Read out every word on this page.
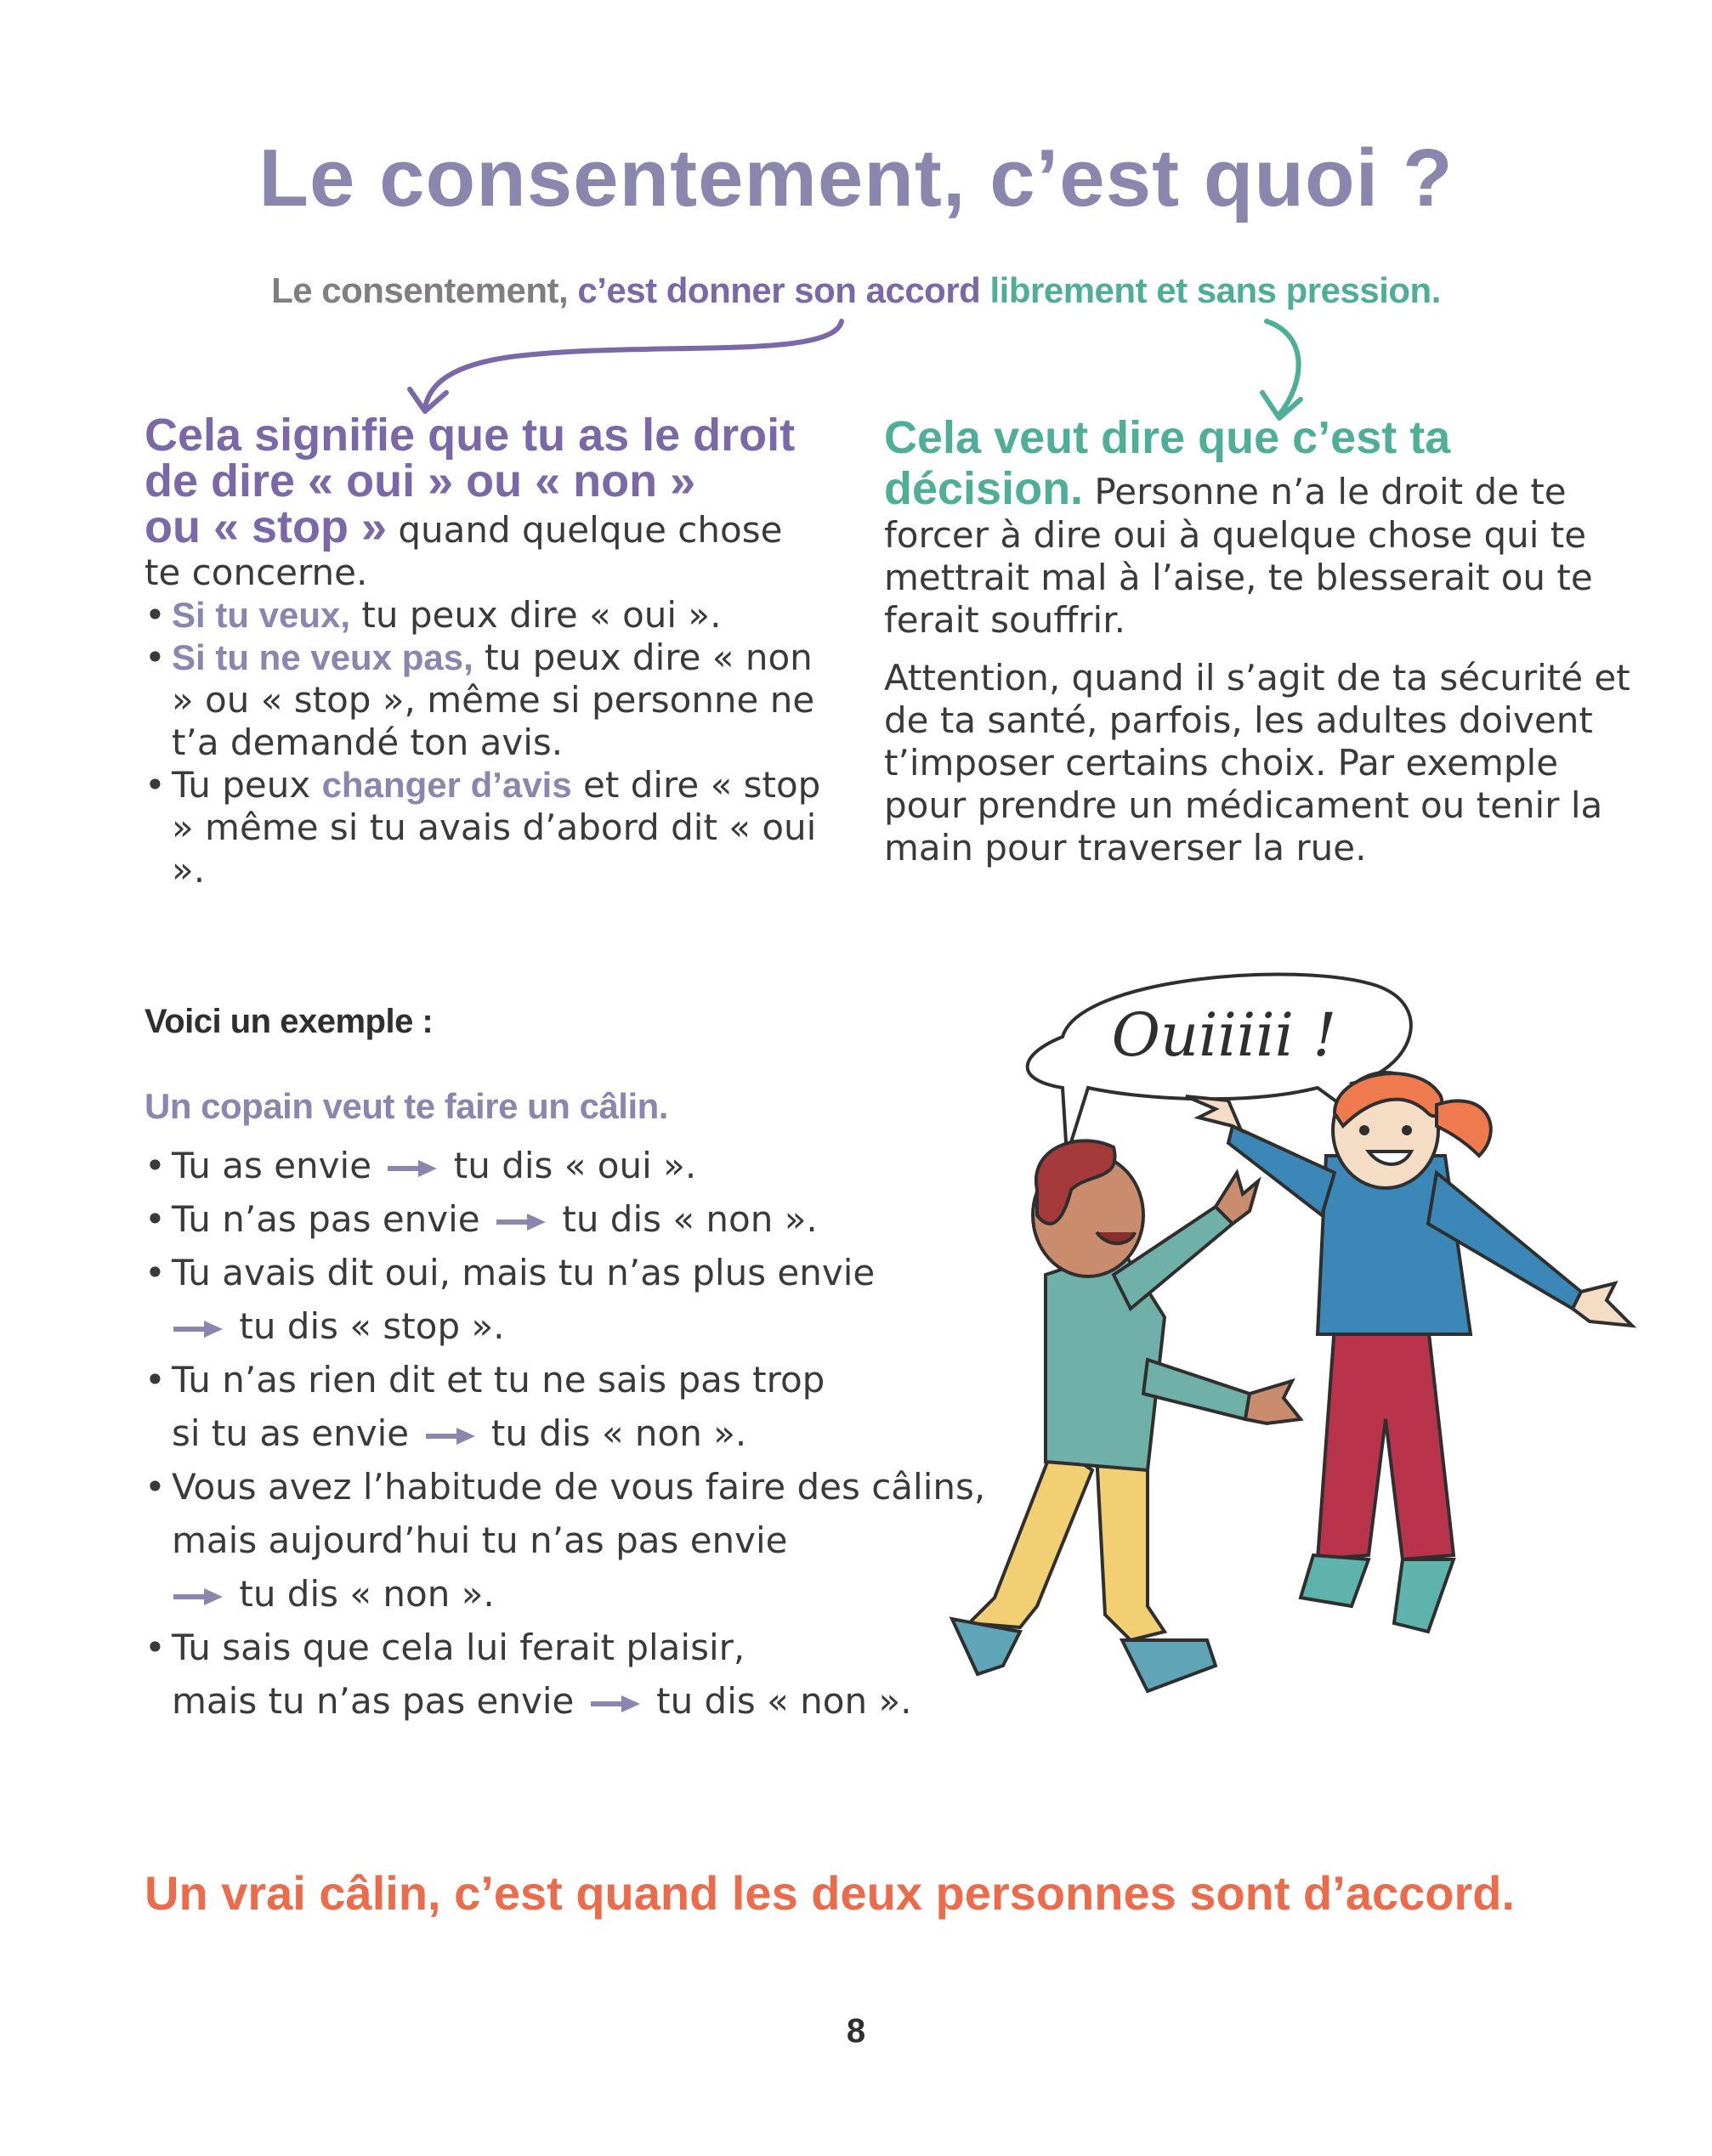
Le consentement, c’est quoi ?
Le consentement, c’est donner son accord librement et sans pression.
Cela signifie que tu as le droit
de dire « oui » ou « non »
ou « stop » quand quelque chose
te concerne.
• Si tu veux, tu peux dire « oui ».
• Si tu ne veux pas, tu peux dire « non » ou « stop », même si personne ne t’a demandé ton avis.
• Tu peux changer d’avis et dire « stop » même si tu avais d’abord dit « oui ».
Cela veut dire que c’est ta
décision. Personne n’a le droit de te forcer à dire oui à quelque chose qui te mettrait mal à l’aise, te blesserait ou te ferait souffrir.
Attention, quand il s’agit de ta sécurité et de ta santé, parfois, les adultes doivent t’imposer certains choix. Par exemple pour prendre un médicament ou tenir la main pour traverser la rue.
Voici un exemple :
Un copain veut te faire un câlin.
• Tu as envie tu dis « oui ».
• Tu n’as pas envie tu dis « non ».
• Tu avais dit oui, mais tu n’as plus envie
tu dis « stop ».
• Tu n’as rien dit et tu ne sais pas trop
si tu as envie tu dis « non ».
• Vous avez l’habitude de vous faire des câlins,
mais aujourd’hui tu n’as pas envie
tu dis « non ».
• Tu sais que cela lui ferait plaisir,
mais tu n’as pas envie tu dis « non ».
Ouiiiii !
Un vrai câlin, c’est quand les deux personnes sont d’accord.
8
